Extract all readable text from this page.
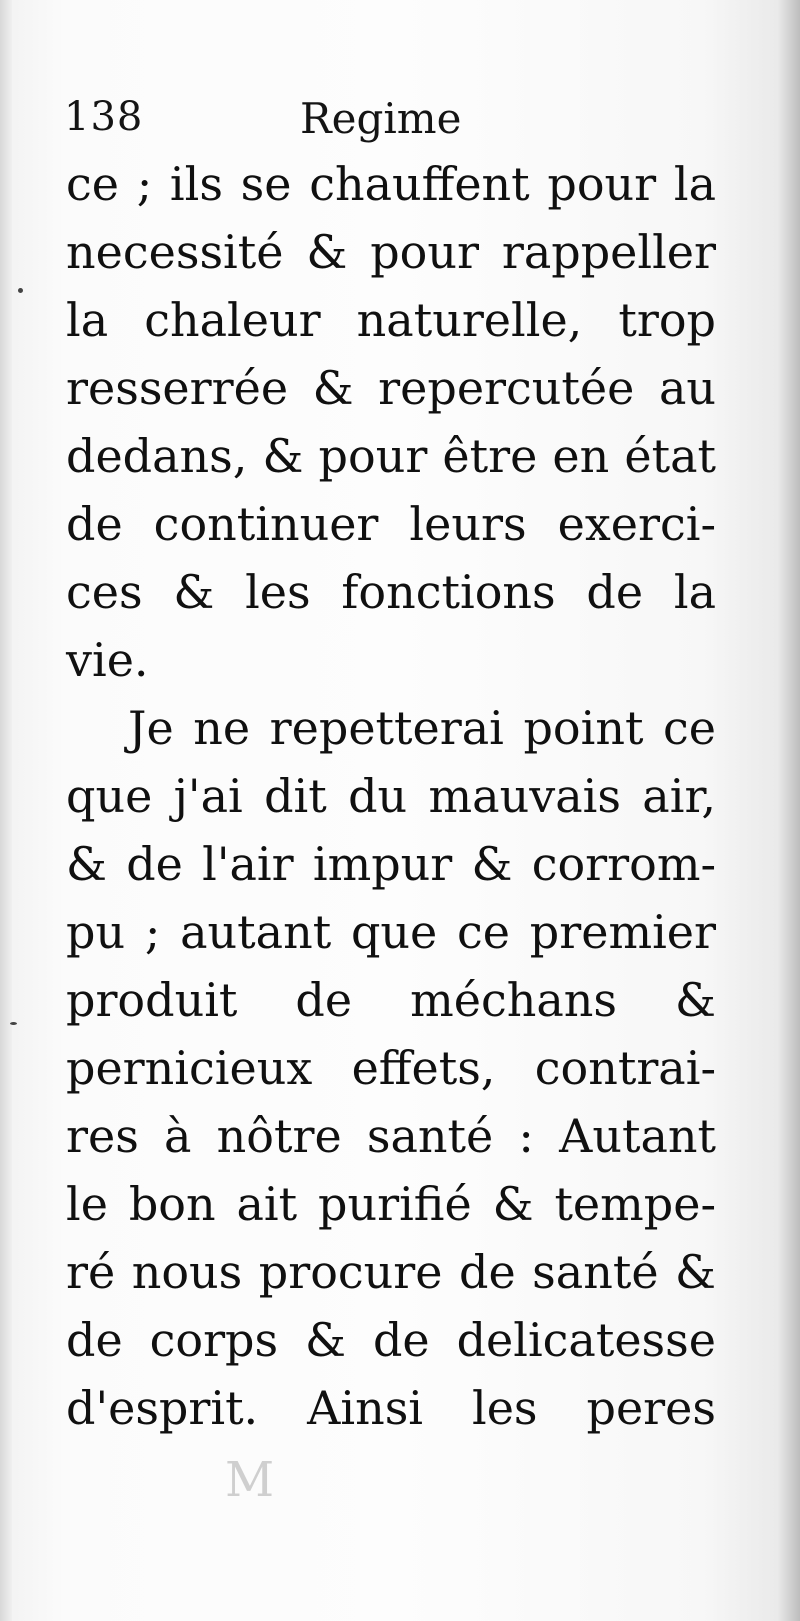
138	Regime
ce ; ils se chauffent pour la
necessité & pour rappeller
la chaleur naturelle, trop
resserrée & repercutée au
dedans, & pour être en état
de continuer leurs exerci-
ces & les fonctions de la
vie.
Je ne repetterai point ce
que j'ai dit du mauvais air,
& de l'air impur & corrom-
pu ; autant que ce premier
produit de méchans &
pernicieux effets, contrai-
res à nôtre santé : Autant
le bon ait purifié & tempe-
ré nous procure de santé &
de corps & de delicatesse
d'esprit. Ainsi les peres
M
